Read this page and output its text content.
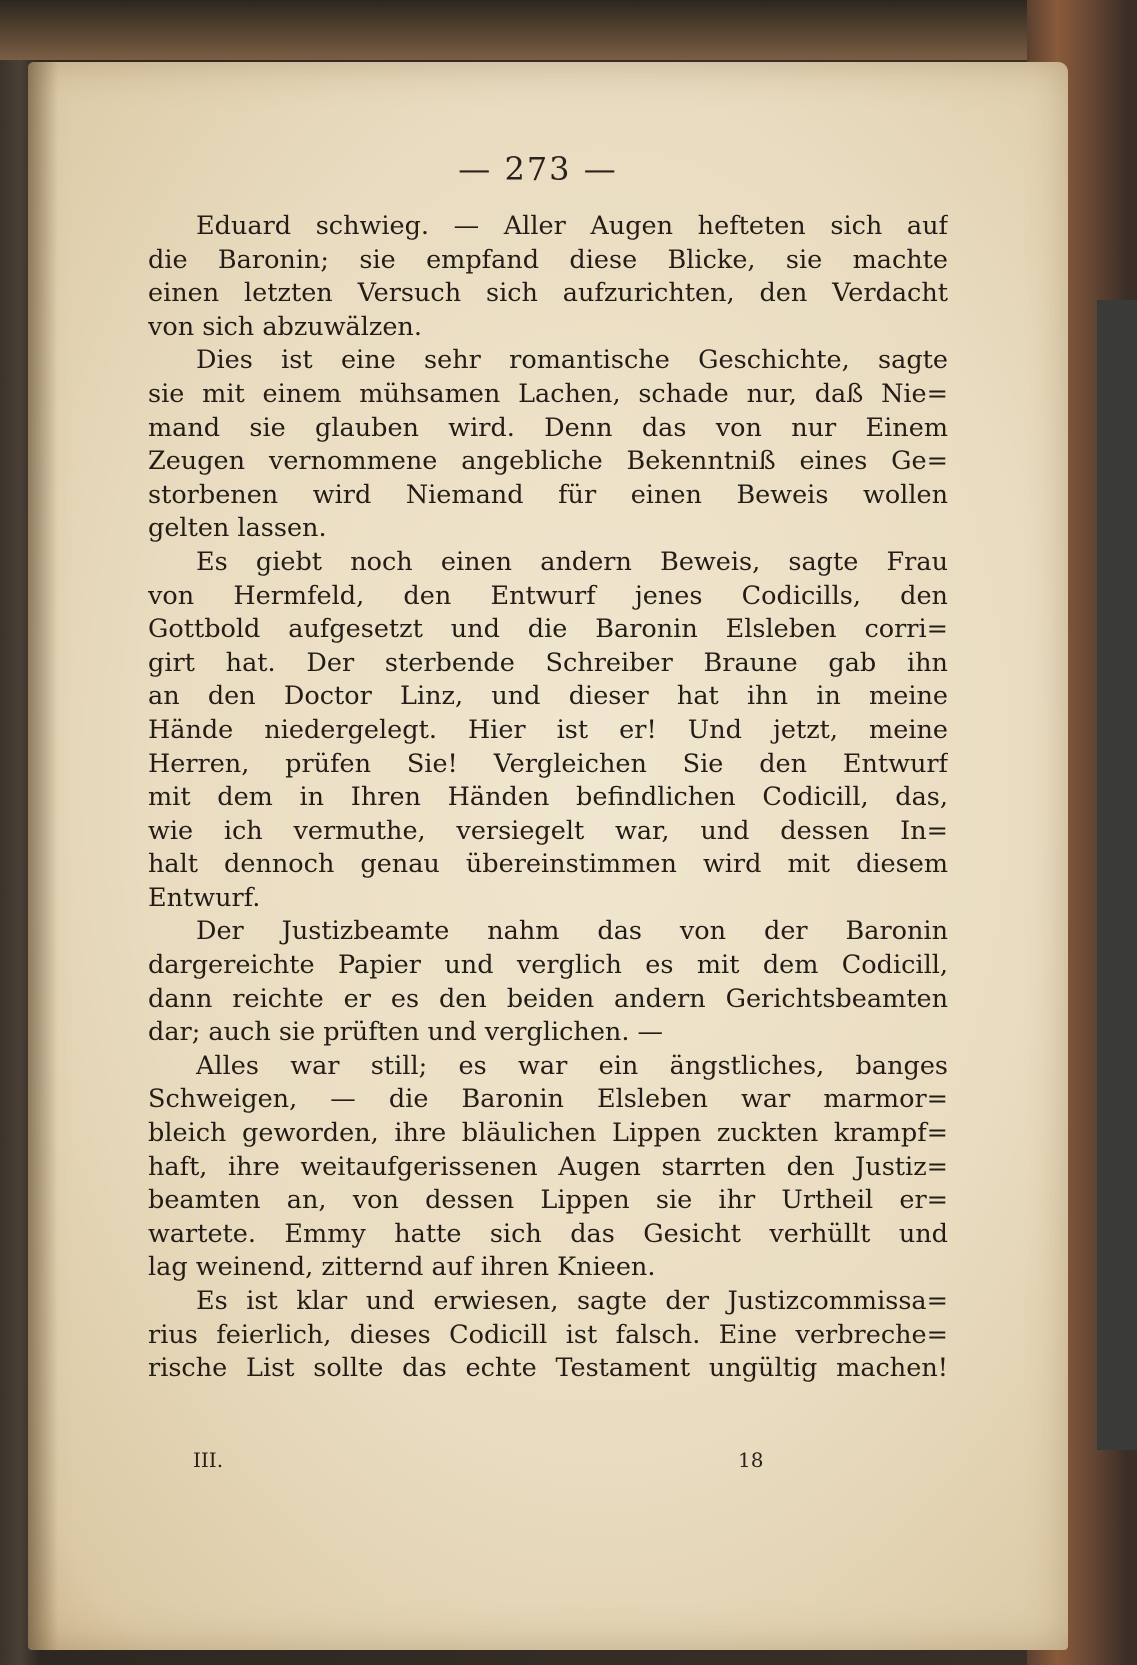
— 273 —
Eduard schwieg. — Aller Augen hefteten sich auf
die Baronin; sie empfand diese Blicke, sie machte
einen letzten Versuch sich aufzurichten, den Verdacht
von sich abzuwälzen.
Dies ist eine sehr romantische Geschichte, sagte
sie mit einem mühsamen Lachen, schade nur, daß Nie=
mand sie glauben wird. Denn das von nur Einem
Zeugen vernommene angebliche Bekenntniß eines Ge=
storbenen wird Niemand für einen Beweis wollen
gelten lassen.
Es giebt noch einen andern Beweis, sagte Frau
von Hermfeld, den Entwurf jenes Codicills, den
Gottbold aufgesetzt und die Baronin Elsleben corri=
girt hat. Der sterbende Schreiber Braune gab ihn
an den Doctor Linz, und dieser hat ihn in meine
Hände niedergelegt. Hier ist er! Und jetzt, meine
Herren, prüfen Sie! Vergleichen Sie den Entwurf
mit dem in Ihren Händen befindlichen Codicill, das,
wie ich vermuthe, versiegelt war, und dessen In=
halt dennoch genau übereinstimmen wird mit diesem
Entwurf.
Der Justizbeamte nahm das von der Baronin
dargereichte Papier und verglich es mit dem Codicill,
dann reichte er es den beiden andern Gerichtsbeamten
dar; auch sie prüften und verglichen. —
Alles war still; es war ein ängstliches, banges
Schweigen, — die Baronin Elsleben war marmor=
bleich geworden, ihre bläulichen Lippen zuckten krampf=
haft, ihre weitaufgerissenen Augen starrten den Justiz=
beamten an, von dessen Lippen sie ihr Urtheil er=
wartete. Emmy hatte sich das Gesicht verhüllt und
lag weinend, zitternd auf ihren Knieen.
Es ist klar und erwiesen, sagte der Justizcommissa=
rius feierlich, dieses Codicill ist falsch. Eine verbreche=
rische List sollte das echte Testament ungültig machen!
III.	18
